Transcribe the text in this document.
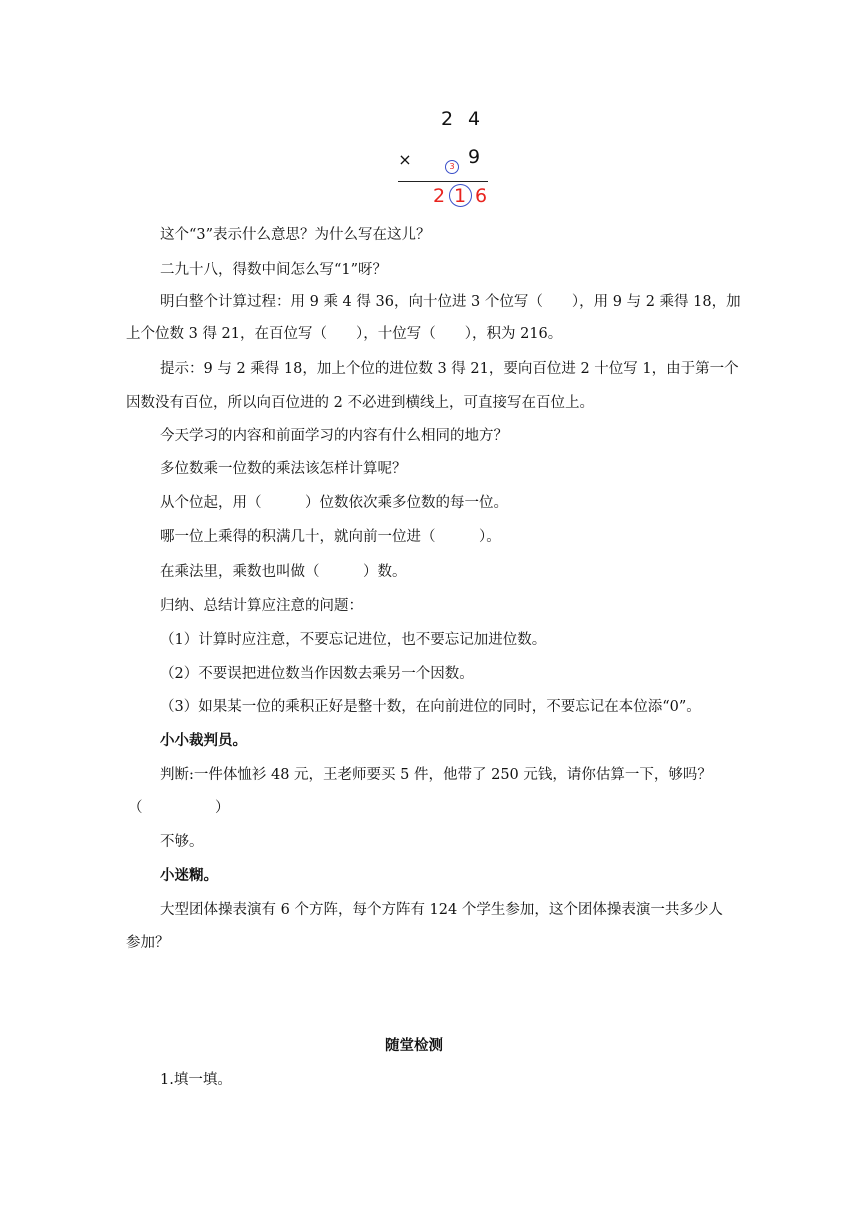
2 4
×	3 9
2 1 6
这个“3”表示什么意思？为什么写在这儿？
二九十八，得数中间怎么写“1”呀？
明白整个计算过程：用 9 乘 4 得 36，向十位进 3 个位写（　　），用 9 与 2 乘得 18，加
上个位数 3 得 21，在百位写（　　），十位写（　　），积为 216。
提示：9 与 2 乘得 18，加上个位的进位数 3 得 21，要向百位进 2 十位写 1，由于第一个
因数没有百位，所以向百位进的 2 不必进到横线上，可直接写在百位上。
今天学习的内容和前面学习的内容有什么相同的地方？
多位数乘一位数的乘法该怎样计算呢？
从个位起，用（　　　）位数依次乘多位数的每一位。
哪一位上乘得的积满几十，就向前一位进（　　　）。
在乘法里，乘数也叫做（　　　）数。
归纳、总结计算应注意的问题：
（1）计算时应注意，不要忘记进位，也不要忘记加进位数。
（2）不要误把进位数当作因数去乘另一个因数。
（3）如果某一位的乘积正好是整十数，在向前进位的同时，不要忘记在本位添“0”。
小小裁判员。
判断:一件体恤衫 48 元，王老师要买 5 件，他带了 250 元钱，请你估算一下，够吗？
（　　　　　）
不够。
小迷糊。
大型团体操表演有 6 个方阵，每个方阵有 124 个学生参加，这个团体操表演一共多少人
参加？
随堂检测
1.填一填。
